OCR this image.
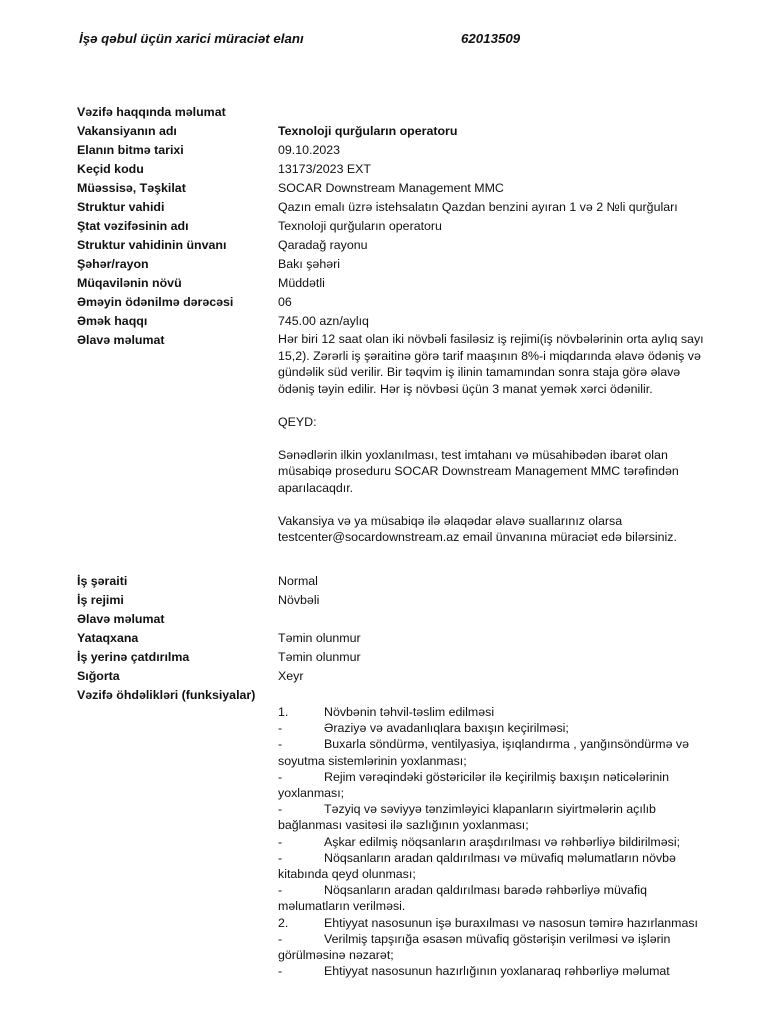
İşə qəbul üçün xarici müraciət elanı	62013509
Vəzifə haqqında məlumat
Vakansiyanın adı	Texnoloji qurğuların operatoru
Elanın bitmə tarixi	09.10.2023
Keçid kodu	13173/2023 EXT
Müəssisə, Təşkilat	SOCAR Downstream Management MMC
Struktur vahidi	Qazın emalı üzrə istehsalatın Qazdan benzini ayıran 1 və 2 №li qurğuları
Ştat vəzifəsinin adı	Texnoloji qurğuların operatoru
Struktur vahidinin ünvanı	Qaradağ rayonu
Şəhər/rayon	Bakı şəhəri
Müqavilənin növü	Müddətli
Əməyin ödənilmə dərəcəsi	06
Əmək haqqı	745.00 azn/aylıq
Əlavə məlumat	Hər biri 12 saat olan iki növbəli fasiləsiz iş rejimi(iş növbələrinin orta aylıq sayı 15,2). Zərərli iş şəraitinə görə tarif maaşının 8%-i miqdarında əlavə ödəniş və gündəlik süd verilir. Bir təqvim iş ilinin tamamından sonra staja görə əlavə ödəniş təyin edilir. Hər iş növbəsi üçün 3 manat yemək xərci ödənilir.

QEYD:

Sənədlərin ilkin yoxlanılması, test imtahanı və müsahibədən ibarət olan müsabiqə proseduru SOCAR Downstream Management MMC tərəfindən aparılacaqdır.

Vakansiya və ya müsabiqə ilə əlaqədar əlavə suallarınız olarsa testcenter@socardownstream.az email ünvanına müraciət edə bilərsiniz.

İş şəraiti	Normal
İş rejimi	Növbəli
Əlavə məlumat
Yataqxana	Təmin olunmur
İş yerinə çatdırılma	Təmin olunmur
Sığorta	Xeyr
Vəzifə öhdəlikləri (funksiyalar)
1.	Növbənin təhvil-təslim edilməsi
-	Əraziyə və avadanlıqlara baxışın keçirilməsi;
-	Buxarla söndürmə, ventilyasiya, işıqlandırma , yanğınsöndürmə və soyutma sistemlərinin yoxlanması;
-	Rejim vərəqindəki göstəricilər ilə keçirilmiş baxışın nəticələrinin yoxlanması;
-	Təzyiq və səviyyə tənzimləyici klapanların siyirtmələrin açılıb bağlanması vasitəsi ilə sazlığının yoxlanması;
-	Aşkar edilmiş nöqsanların araşdırılması və rəhbərliyə bildirilməsi;
-	Nöqsanların aradan qaldırılması və müvafiq məlumatların növbə kitabında qeyd olunması;
-	Nöqsanların aradan qaldırılması barədə rəhbərliyə müvafiq məlumatların verilməsi.
2.	Ehtiyyat nasosunun işə buraxılması və nasosun təmirə hazırlanması
-	Verilmiş tapşırığa əsasən müvafiq göstərişin verilməsi və işlərin görülməsinə nəzarət;
-	Ehtiyyat nasosunun hazırlığının yoxlanaraq rəhbərliyə məlumat
